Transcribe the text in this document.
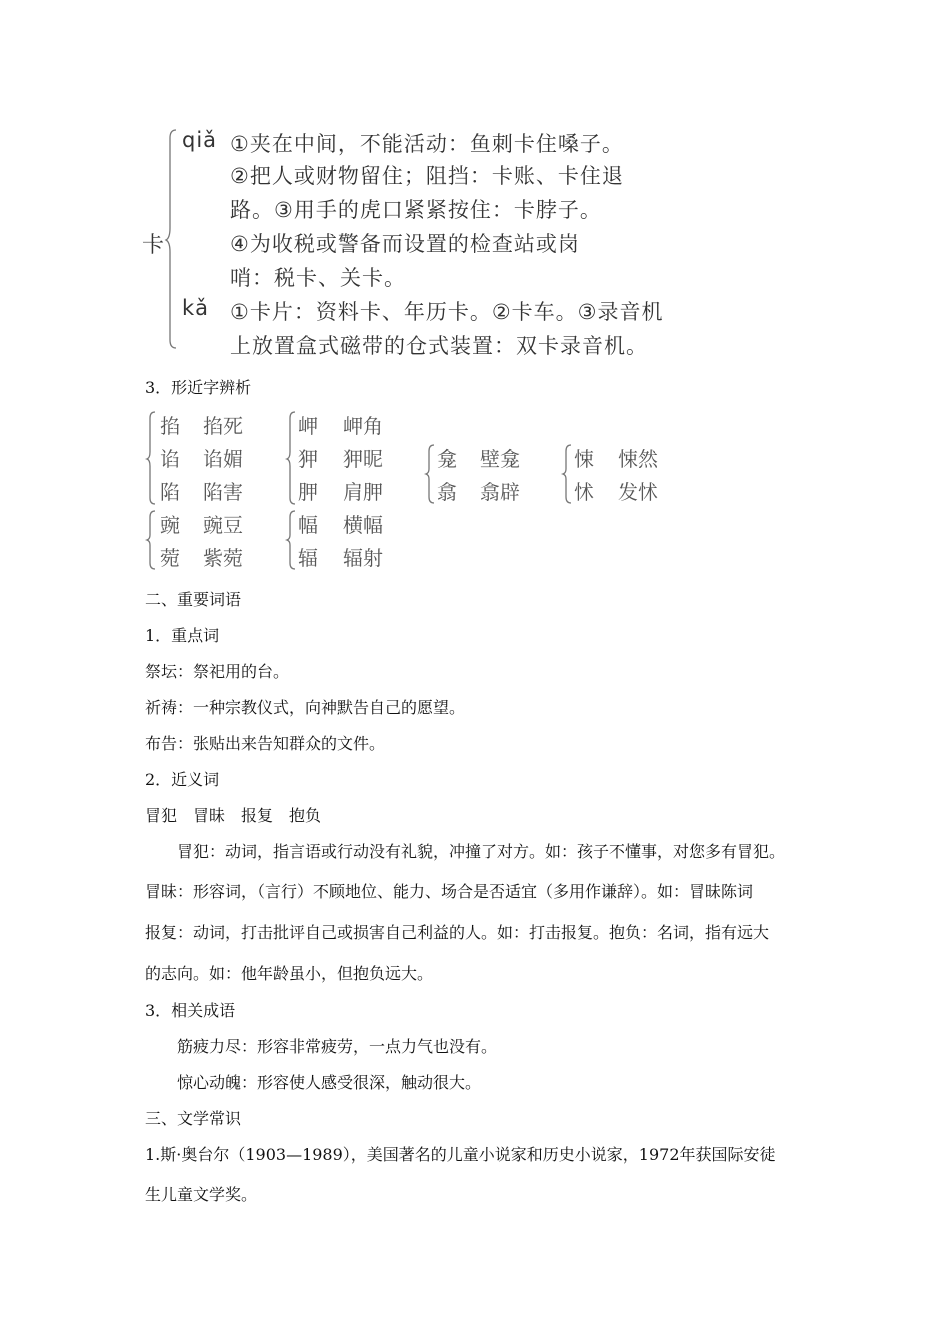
卡
qiǎ ①夹在中间，不能活动：鱼刺卡住嗓子。
②把人或财物留住；阻挡：卡账、卡住退
路。③用手的虎口紧紧按住：卡脖子。
④为收税或警备而设置的检查站或岗
哨：税卡、关卡。
kǎ ①卡片：资料卡、年历卡。②卡车。③录音机
上放置盒式磁带的仓式装置：双卡录音机。
3．形近字辨析
掐 掐死
谄 谄媚
陷 陷害
岬 岬角
狎 狎昵
胛 肩胛
龛 壁龛
翕 翕辟
悚 悚然
怵 发怵
豌 豌豆
菀 紫菀
幅 横幅
辐 辐射
二、重要词语
1．重点词
祭坛：祭祀用的台。
祈祷：一种宗教仪式，向神默告自己的愿望。
布告：张贴出来告知群众的文件。
2．近义词
冒犯　冒昧　报复　抱负
冒犯：动词，指言语或行动没有礼貌，冲撞了对方。如：孩子不懂事，对您多有冒犯。
冒昧：形容词，（言行）不顾地位、能力、场合是否适宜（多用作谦辞）。如：冒昧陈词
报复：动词，打击批评自己或损害自己利益的人。如：打击报复。抱负：名词，指有远大
的志向。如：他年龄虽小，但抱负远大。
3．相关成语
筋疲力尽：形容非常疲劳，一点力气也没有。
惊心动魄：形容使人感受很深，触动很大。
三、文学常识
1.斯·奥台尔（1903—1989），美国著名的儿童小说家和历史小说家，1972年获国际安徒
生儿童文学奖。
